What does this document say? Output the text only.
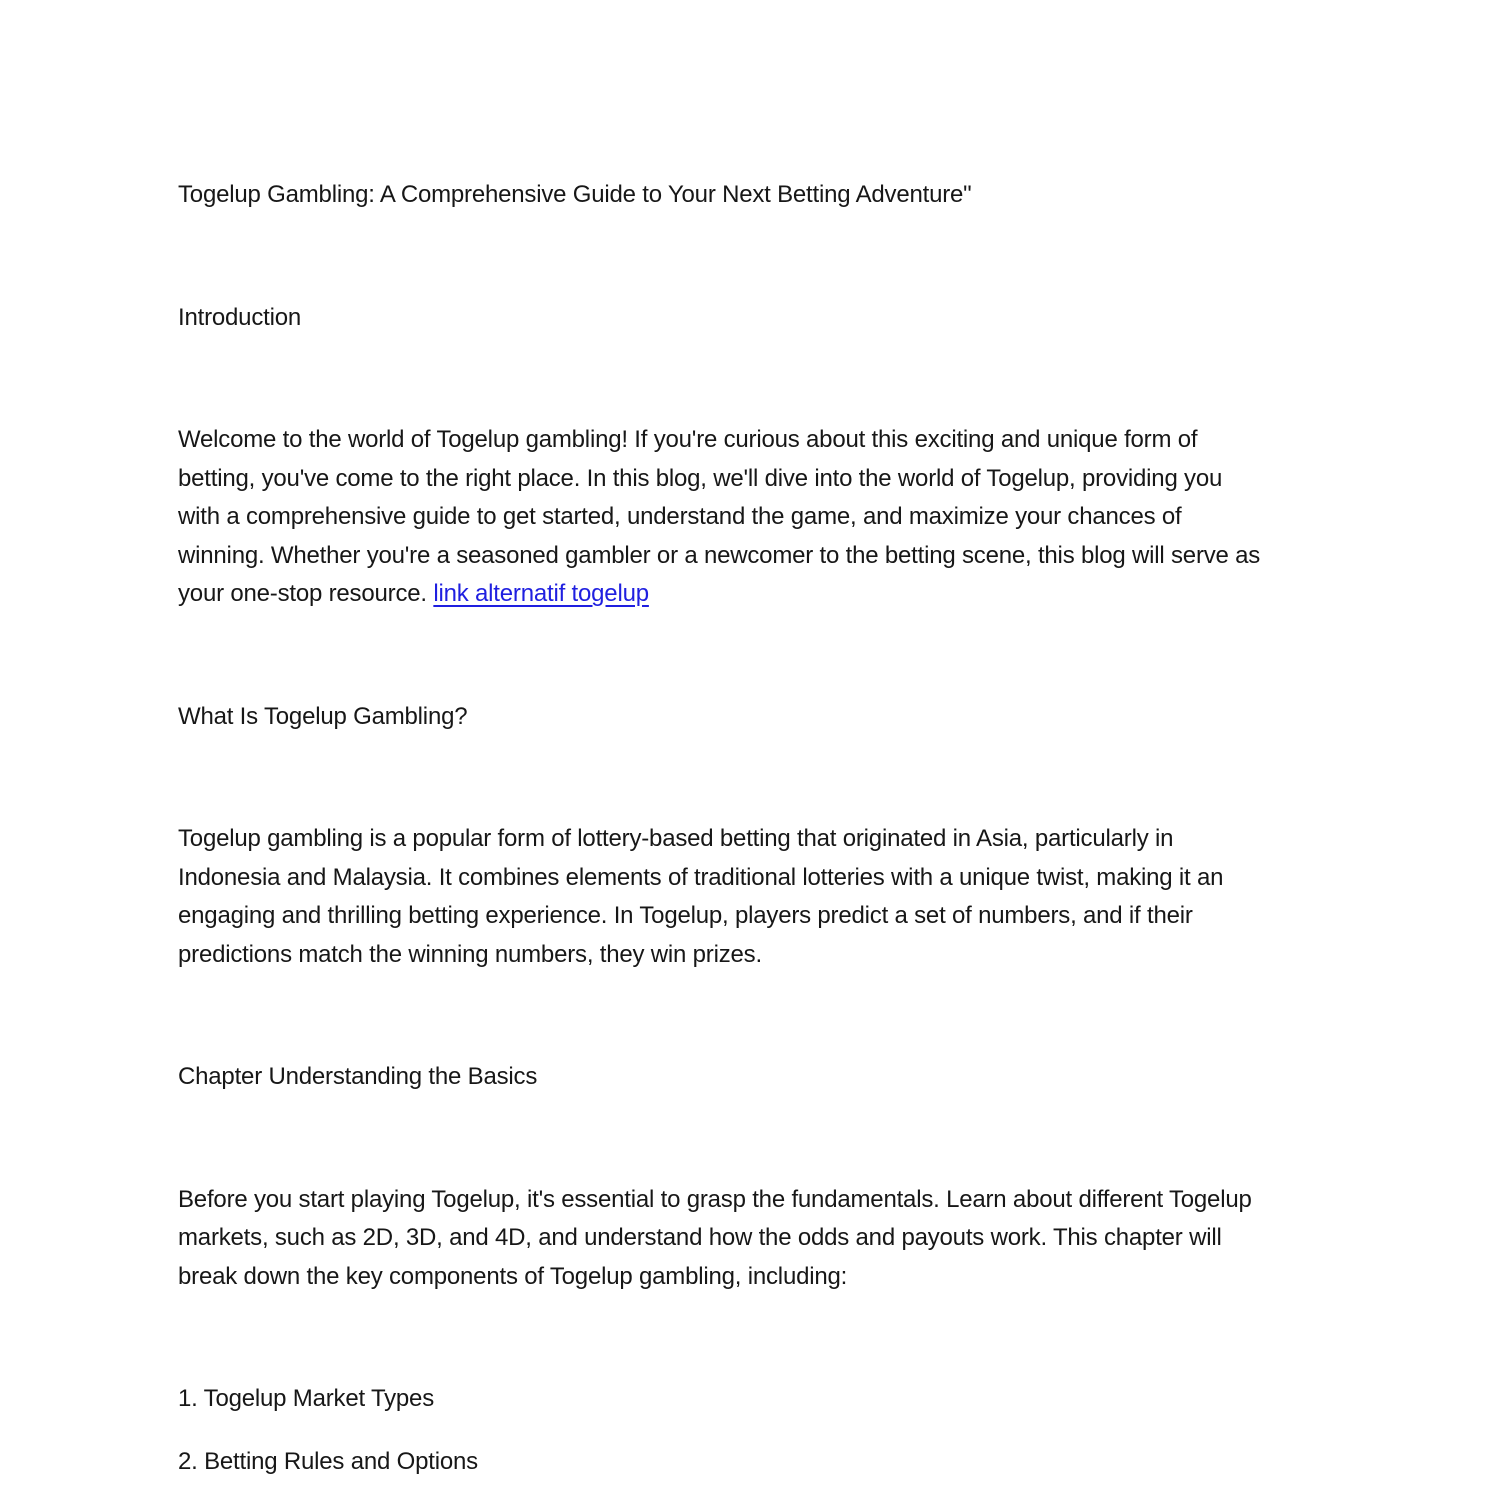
Togelup Gambling: A Comprehensive Guide to Your Next Betting Adventure"
Introduction
Welcome to the world of Togelup gambling! If you're curious about this exciting and unique form of
betting, you've come to the right place. In this blog, we'll dive into the world of Togelup, providing you
with a comprehensive guide to get started, understand the game, and maximize your chances of
winning. Whether you're a seasoned gambler or a newcomer to the betting scene, this blog will serve as
your one-stop resource. link alternatif togelup
What Is Togelup Gambling?
Togelup gambling is a popular form of lottery-based betting that originated in Asia, particularly in
Indonesia and Malaysia. It combines elements of traditional lotteries with a unique twist, making it an
engaging and thrilling betting experience. In Togelup, players predict a set of numbers, and if their
predictions match the winning numbers, they win prizes.
Chapter Understanding the Basics
Before you start playing Togelup, it's essential to grasp the fundamentals. Learn about different Togelup
markets, such as 2D, 3D, and 4D, and understand how the odds and payouts work. This chapter will
break down the key components of Togelup gambling, including:
1. Togelup Market Types
2. Betting Rules and Options
